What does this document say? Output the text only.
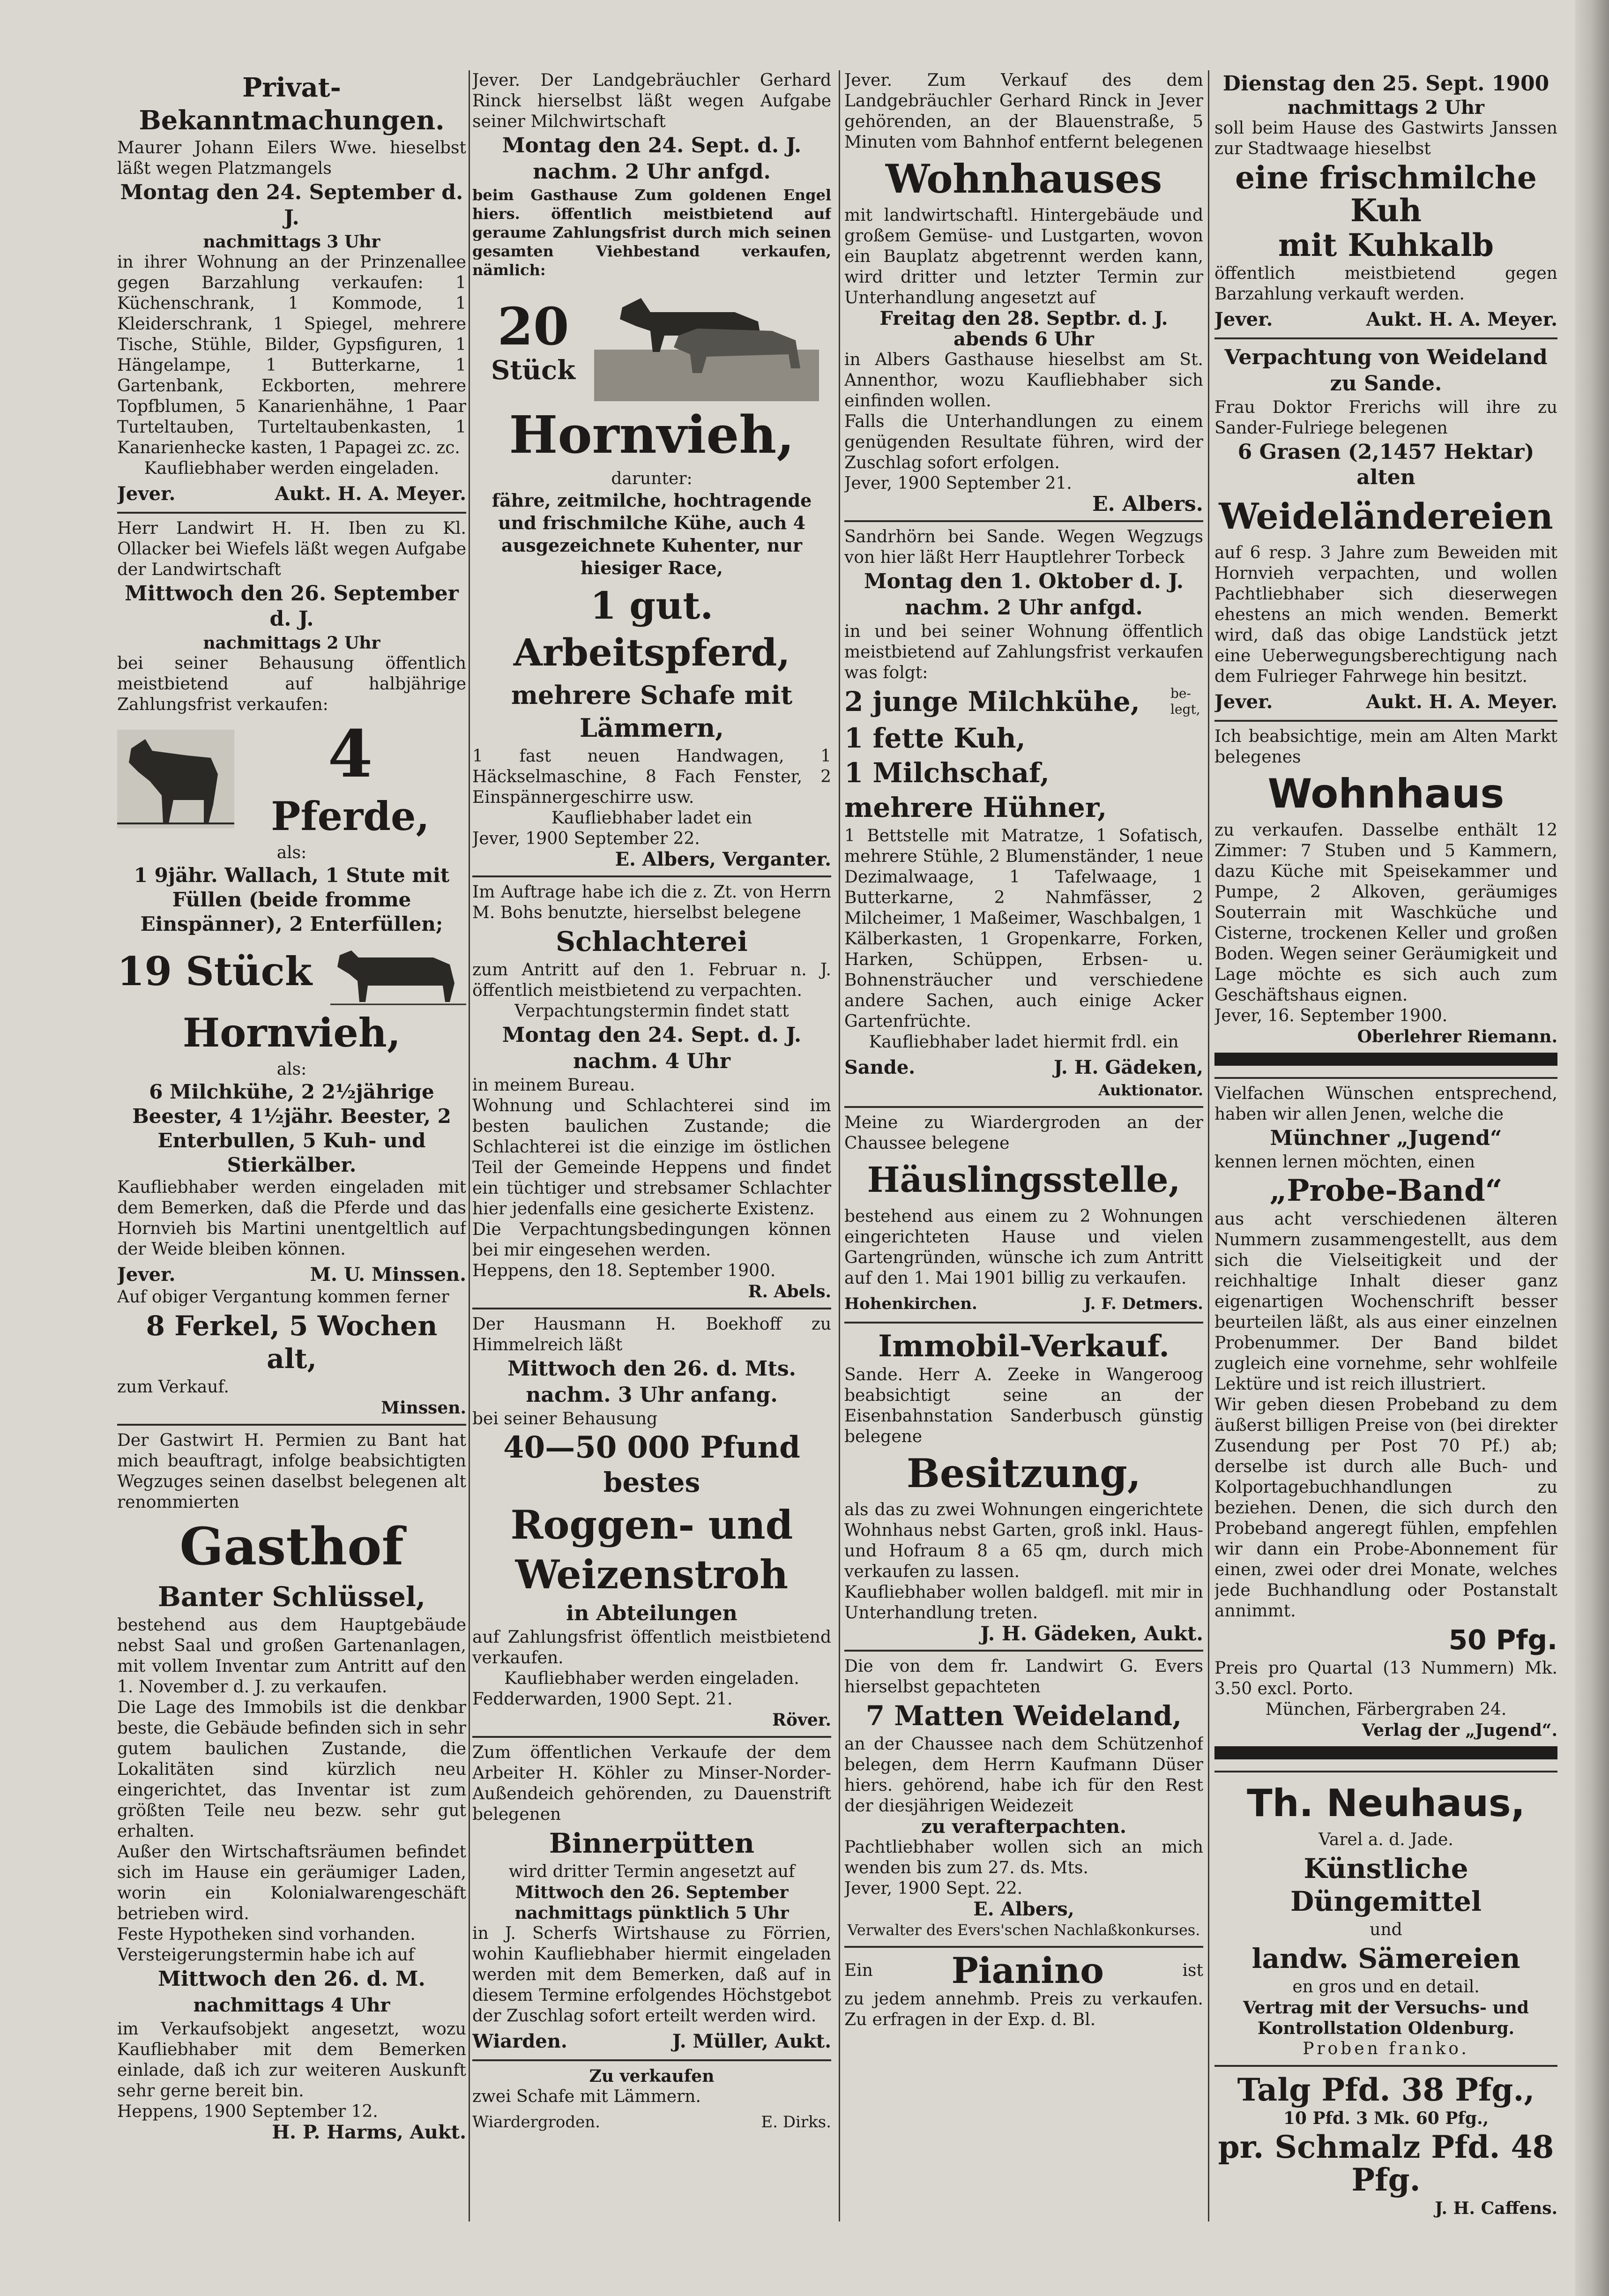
Privat-Bekanntmachungen.

Maurer Johann Eilers Wwe. hieselbst läßt wegen Platzmangels

Montag den 24. September d. J.

nachmittags 3 Uhr

in ihrer Wohnung an der Prinzenallee gegen Barzahlung verkaufen: 1 Küchenschrank, 1 Kommode, 1 Kleiderschrank, 1 Spiegel, mehrere Tische, Stühle, Bilder, Gypsfiguren, 1 Hängelampe, 1 Butterkarne, 1 Gartenbank, Eckborten, mehrere Topfblumen, 5 Kanarienhähne, 1 Paar Turteltauben, Turteltaubenkasten, 1 Kanarienhecke kasten, 1 Papagei zc. zc.

Kaufliebhaber werden eingeladen.

Jever.	Aukt. H. A. Meyer.

Herr Landwirt H. H. Iben zu Kl. Ollacker bei Wiefels läßt wegen Aufgabe der Landwirtschaft

Mittwoch den 26. September d. J.

nachmittags 2 Uhr

bei seiner Behausung öffentlich meistbietend auf halbjährige Zahlungsfrist verkaufen:

4

Pferde,

als:

1 9jähr. Wallach, 1 Stute mit Füllen (beide fromme Einspänner), 2 Enterfüllen;

19 Stück

Hornvieh,

als:

6 Milchkühe, 2 2½jährige Beester, 4 1½jähr. Beester, 2 Enterbullen, 5 Kuh- und Stierkälber.

Kaufliebhaber werden eingeladen mit dem Bemerken, daß die Pferde und das Hornvieh bis Martini unentgeltlich auf der Weide bleiben können.

Jever.	M. U. Minssen.

Auf obiger Vergantung kommen ferner

8 Ferkel, 5 Wochen alt,

zum Verkauf.

Minssen.

Der Gastwirt H. Permien zu Bant hat mich beauftragt, infolge beabsichtigten Wegzuges seinen daselbst belegenen alt renommierten

Gasthof

Banter Schlüssel,

bestehend aus dem Hauptgebäude nebst Saal und großen Gartenanlagen, mit vollem Inventar zum Antritt auf den 1. November d. J. zu verkaufen.

Die Lage des Immobils ist die denkbar beste, die Gebäude befinden sich in sehr gutem baulichen Zustande, die Lokalitäten sind kürzlich neu eingerichtet, das Inventar ist zum größten Teile neu bezw. sehr gut erhalten.

Außer den Wirtschaftsräumen befindet sich im Hause ein geräumiger Laden, worin ein Kolonialwarengeschäft betrieben wird.

Feste Hypotheken sind vorhanden.

Versteigerungstermin habe ich auf

Mittwoch den 26. d. M.

nachmittags 4 Uhr

im Verkaufsobjekt angesetzt, wozu Kaufliebhaber mit dem Bemerken einlade, daß ich zur weiteren Auskunft sehr gerne bereit bin.

Heppens, 1900 September 12.

H. P. Harms, Aukt.

Jever. Der Landgebräuchler Gerhard Rinck hierselbst läßt wegen Aufgabe seiner Milchwirtschaft

Montag den 24. Sept. d. J.

nachm. 2 Uhr anfgd.

beim Gasthause Zum goldenen Engel hiers. öffentlich meistbietend auf geraume Zahlungsfrist durch mich seinen gesamten Viehbestand verkaufen, nämlich:

20

Stück

Hornvieh,

darunter:

fähre, zeitmilche, hochtragende und frischmilche Kühe, auch 4 ausgezeichnete Kuhenter, nur hiesiger Race,

1 gut. Arbeitspferd,

mehrere Schafe mit Lämmern,

1 fast neuen Handwagen, 1 Häckselmaschine, 8 Fach Fenster, 2 Einspännergeschirre usw.

Kaufliebhaber ladet ein

Jever, 1900 September 22.

E. Albers, Verganter.

Im Auftrage habe ich die z. Zt. von Herrn M. Bohs benutzte, hierselbst belegene

Schlachterei

zum Antritt auf den 1. Februar n. J. öffentlich meistbietend zu verpachten.

Verpachtungstermin findet statt

Montag den 24. Sept. d. J.

nachm. 4 Uhr

in meinem Bureau.

Wohnung und Schlachterei sind im besten baulichen Zustande; die Schlachterei ist die einzige im östlichen Teil der Gemeinde Heppens und findet ein tüchtiger und strebsamer Schlachter hier jedenfalls eine gesicherte Existenz.

Die Verpachtungsbedingungen können bei mir eingesehen werden.

Heppens, den 18. September 1900.

R. Abels.

Der Hausmann H. Boekhoff zu Himmelreich läßt

Mittwoch den 26. d. Mts.

nachm. 3 Uhr anfang.

bei seiner Behausung

40—50 000 Pfund

bestes

Roggen- und

Weizenstroh

in Abteilungen

auf Zahlungsfrist öffentlich meistbietend verkaufen.

Kaufliebhaber werden eingeladen.

Fedderwarden, 1900 Sept. 21.

Röver.

Zum öffentlichen Verkaufe der dem Arbeiter H. Köhler zu Minser-Norder-Außendeich gehörenden, zu Dauenstrift belegenen

Binnerpütten

wird dritter Termin angesetzt auf

Mittwoch den 26. September

nachmittags pünktlich 5 Uhr

in J. Scherfs Wirtshause zu Förrien, wohin Kaufliebhaber hiermit eingeladen werden mit dem Bemerken, daß auf in diesem Termine erfolgendes Höchstgebot der Zuschlag sofort erteilt werden wird.

Wiarden.	J. Müller, Aukt.

Zu verkaufen

zwei Schafe mit Lämmern.

Wiardergroden.	E. Dirks.

Jever. Zum Verkauf des dem Landgebräuchler Gerhard Rinck in Jever gehörenden, an der Blauenstraße, 5 Minuten vom Bahnhof entfernt belegenen

Wohnhauses

mit landwirtschaftl. Hintergebäude und großem Gemüse- und Lustgarten, wovon ein Bauplatz abgetrennt werden kann, wird dritter und letzter Termin zur Unterhandlung angesetzt auf

Freitag den 28. Septbr. d. J.

abends 6 Uhr

in Albers Gasthause hieselbst am St. Annenthor, wozu Kaufliebhaber sich einfinden wollen.

Falls die Unterhandlungen zu einem genügenden Resultate führen, wird der Zuschlag sofort erfolgen.

Jever, 1900 September 21.

E. Albers.

Sandrhörn bei Sande. Wegen Wegzugs von hier läßt Herr Hauptlehrer Torbeck

Montag den 1. Oktober d. J.

nachm. 2 Uhr anfgd.

in und bei seiner Wohnung öffentlich meistbietend auf Zahlungsfrist verkaufen was folgt:

2 junge Milchkühe,	be-legt,

1 fette Kuh,

1 Milchschaf,

mehrere Hühner,

1 Bettstelle mit Matratze, 1 Sofatisch, mehrere Stühle, 2 Blumenständer, 1 neue Dezimalwaage, 1 Tafelwaage, 1 Butterkarne, 2 Nahmfässer, 2 Milcheimer, 1 Maßeimer, Waschbalgen, 1 Kälberkasten, 1 Gropenkarre, Forken, Harken, Schüppen, Erbsen- u. Bohnensträucher und verschiedene andere Sachen, auch einige Acker Gartenfrüchte.

Kaufliebhaber ladet hiermit frdl. ein

Sande.	J. H. Gädeken,

Auktionator.

Meine zu Wiardergroden an der Chaussee belegene

Häuslingsstelle,

bestehend aus einem zu 2 Wohnungen eingerichteten Hause und vielen Gartengründen, wünsche ich zum Antritt auf den 1. Mai 1901 billig zu verkaufen.

Hohenkirchen.	J. F. Detmers.

Immobil-Verkauf.

Sande. Herr A. Zeeke in Wangeroog beabsichtigt seine an der Eisenbahnstation Sanderbusch günstig belegene

Besitzung,

als das zu zwei Wohnungen eingerichtete Wohnhaus nebst Garten, groß inkl. Haus- und Hofraum 8 a 65 qm, durch mich verkaufen zu lassen.

Kaufliebhaber wollen baldgefl. mit mir in Unterhandlung treten.

J. H. Gädeken, Aukt.

Die von dem fr. Landwirt G. Evers hierselbst gepachteten

7 Matten Weideland,

an der Chaussee nach dem Schützenhof belegen, dem Herrn Kaufmann Düser hiers. gehörend, habe ich für den Rest der diesjährigen Weidezeit

zu verafterpachten.

Pachtliebhaber wollen sich an mich wenden bis zum 27. ds. Mts.

Jever, 1900 Sept. 22.

E. Albers,

Verwalter des Evers'schen Nachlaßkonkurses.

Ein	Pianino	ist

zu jedem annehmb. Preis zu verkaufen. Zu erfragen in der Exp. d. Bl.

Dienstag den 25. Sept. 1900

nachmittags 2 Uhr

soll beim Hause des Gastwirts Janssen zur Stadtwaage hieselbst

eine frischmilche Kuh

mit Kuhkalb

öffentlich meistbietend gegen Barzahlung verkauft werden.

Jever.	Aukt. H. A. Meyer.

Verpachtung von Weideland

zu Sande.

Frau Doktor Frerichs will ihre zu Sander-Fulriege belegenen

6 Grasen (2,1457 Hektar) alten

Weideländereien

auf 6 resp. 3 Jahre zum Beweiden mit Hornvieh verpachten, und wollen Pachtliebhaber sich dieserwegen ehestens an mich wenden. Bemerkt wird, daß das obige Landstück jetzt eine Ueberwegungsberechtigung nach dem Fulrieger Fahrwege hin besitzt.

Jever.	Aukt. H. A. Meyer.

Ich beabsichtige, mein am Alten Markt belegenes

Wohnhaus

zu verkaufen. Dasselbe enthält 12 Zimmer: 7 Stuben und 5 Kammern, dazu Küche mit Speisekammer und Pumpe, 2 Alkoven, geräumiges Souterrain mit Waschküche und Cisterne, trockenen Keller und großen Boden. Wegen seiner Geräumigkeit und Lage möchte es sich auch zum Geschäftshaus eignen.

Jever, 16. September 1900.

Oberlehrer Riemann.

Vielfachen Wünschen entsprechend, haben wir allen Jenen, welche die

Münchner „Jugend“

kennen lernen möchten, einen

„Probe-Band“

aus acht verschiedenen älteren Nummern zusammengestellt, aus dem sich die Vielseitigkeit und der reichhaltige Inhalt dieser ganz eigenartigen Wochenschrift besser beurteilen läßt, als aus einer einzelnen Probenummer. Der Band bildet zugleich eine vornehme, sehr wohlfeile Lektüre und ist reich illustriert.

Wir geben diesen Probeband zu dem äußerst billigen Preise von (bei direkter Zusendung per Post 70 Pf.) ab; derselbe ist durch alle Buch- und Kolportagebuchhandlungen zu beziehen. Denen, die sich durch den Probeband angeregt fühlen, empfehlen wir dann ein Probe-Abonnement für einen, zwei oder drei Monate, welches jede Buchhandlung oder Postanstalt annimmt.

50 Pfg.

Preis pro Quartal (13 Nummern) Mk. 3.50 excl. Porto.

München, Färbergraben 24.

Verlag der „Jugend“.

Th. Neuhaus,

Varel a. d. Jade.

Künstliche Düngemittel

und

landw. Sämereien

en gros und en detail.

Vertrag mit der Versuchs- und Kontrollstation Oldenburg.

Proben franko.

Talg Pfd. 38 Pfg.,

10 Pfd. 3 Mk. 60 Pfg.,

pr. Schmalz Pfd. 48 Pfg.

J. H. Caffens.
